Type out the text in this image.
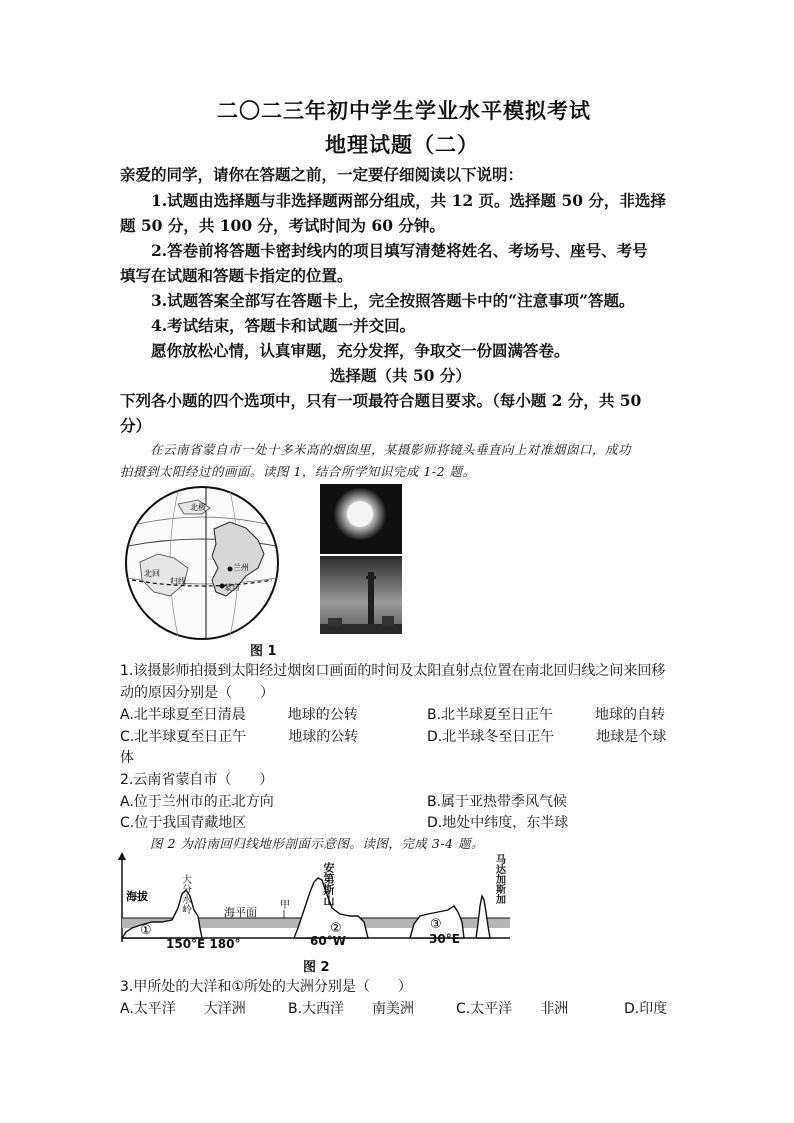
二〇二三年初中学生学业水平模拟考试
地理试题（二）
亲爱的同学，请你在答题之前，一定要仔细阅读以下说明：
1.试题由选择题与非选择题两部分组成，共 12 页。选择题 50 分，非选择
题 50 分，共 100 分，考试时间为 60 分钟。
2.答卷前将答题卡密封线内的项目填写清楚将姓名、考场号、座号、考号
填写在试题和答题卡指定的位置。
3.试题答案全部写在答题卡上，完全按照答题卡中的“注意事项”答题。
4.考试结束，答题卡和试题一并交回。
愿你放松心情，认真审题，充分发挥，争取交一份圆满答卷。
选择题（共 50 分）
下列各小题的四个选项中，只有一项最符合题目要求。（每小题 2 分，共 50
分）
在云南省蒙自市一处十多米高的烟囱里，某摄影师将镜头垂直向上对准烟囱口，成功
拍摄到太阳经过的画面。读图 1，结合所学知识完成 1-2 题。
北极
兰州
蒙自
北回
归线
图 1
1.该摄影师拍摄到太阳经过烟囱口画面的时间及太阳直射点位置在南北回归线之间来回移
动的原因分别是（　　）
A.北半球夏至日清晨　　　地球的公转	B.北半球夏至日正午　　　地球的自转
C.北半球夏至日正午　　　地球的公转	D.北半球冬至日正午　　　地球是个球
体
2.云南省蒙自市（　　）
A.位于兰州市的正北方向	B.属于亚热带季风气候
C.位于我国青藏地区	D.地处中纬度，东半球
图 2 为沿南回归线地形剖面示意图。读图，完成 3-4 题。
①	②	③
海拔
海平面
甲
大分水岭
安第斯山
马达加斯加
150°E 180°	60°W	30°E
图 2
3.甲所处的大洋和①所处的大洲分别是（　　）
A.太平洋　　大洋洲	B.大西洋　　南美洲	C.太平洋　　非洲	D.印度
